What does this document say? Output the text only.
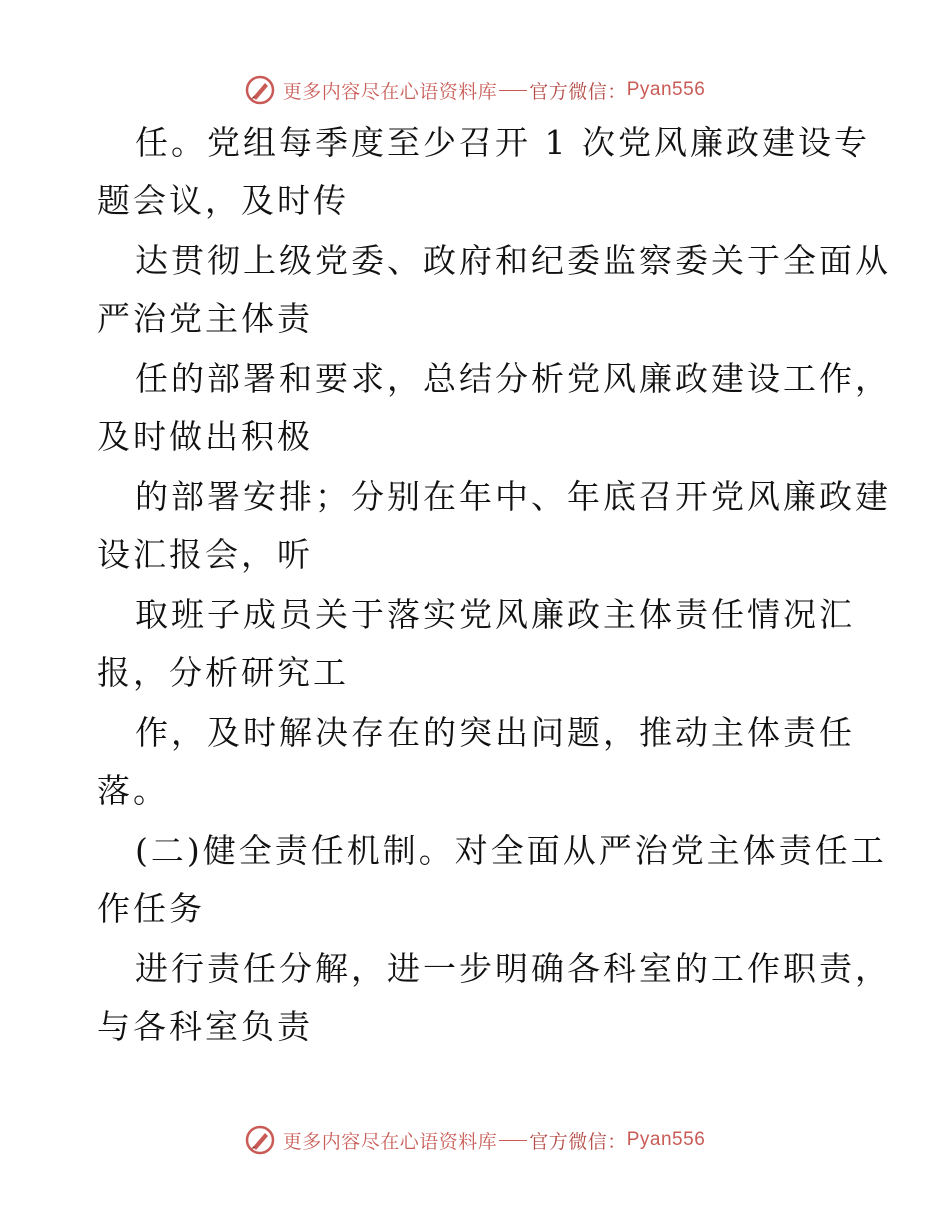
更多内容尽在心语资料库 官方微信： Pyan556
任。党组每季度至少召开 1 次党风廉政建设专
题会议，及时传
达贯彻上级党委、政府和纪委监察委关于全面从
严治党主体责
任的部署和要求，总结分析党风廉政建设工作，
及时做出积极
的部署安排；分别在年中、年底召开党风廉政建
设汇报会，听
取班子成员关于落实党风廉政主体责任情况汇
报，分析研究工
作，及时解决存在的突出问题，推动主体责任
落。
(二)健全责任机制。对全面从严治党主体责任工
作任务
进行责任分解，进一步明确各科室的工作职责，
与各科室负责
更多内容尽在心语资料库 官方微信： Pyan556
